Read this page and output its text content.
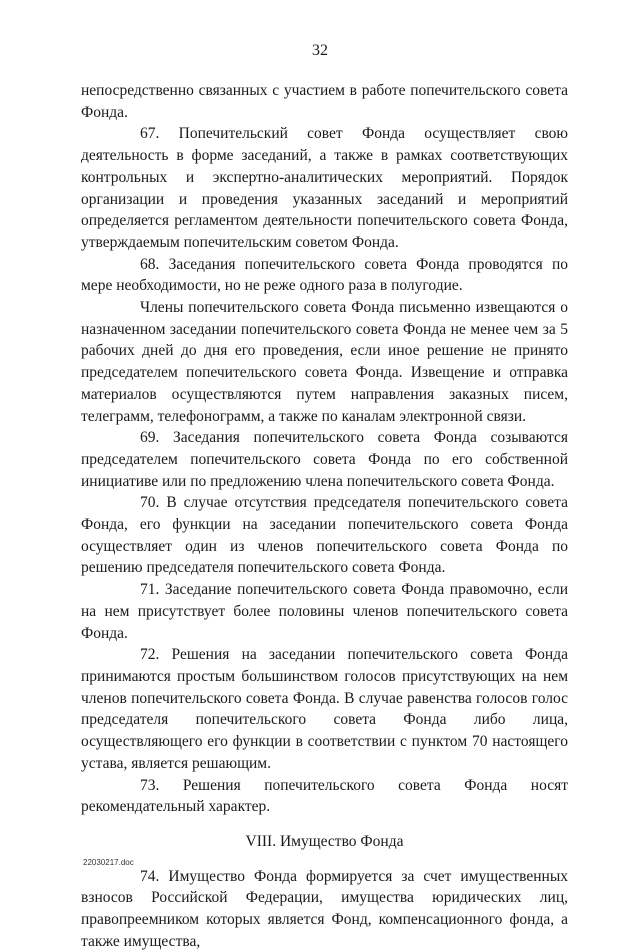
32

непосредственно связанных с участием в работе попечительского совета Фонда.

67. Попечительский совет Фонда осуществляет свою деятельность в форме заседаний, а также в рамках соответствующих контрольных и экспертно-аналитических мероприятий. Порядок организации и проведения указанных заседаний и мероприятий определяется регламентом деятельности попечительского совета Фонда, утверждаемым попечительским советом Фонда.

68. Заседания попечительского совета Фонда проводятся по мере необходимости, но не реже одного раза в полугодие.

Члены попечительского совета Фонда письменно извещаются о назначенном заседании попечительского совета Фонда не менее чем за 5 рабочих дней до дня его проведения, если иное решение не принято председателем попечительского совета Фонда. Извещение и отправка материалов осуществляются путем направления заказных писем, телеграмм, телефонограмм, а также по каналам электронной связи.

69. Заседания попечительского совета Фонда созываются председателем попечительского совета Фонда по его собственной инициативе или по предложению члена попечительского совета Фонда.

70. В случае отсутствия председателя попечительского совета Фонда, его функции на заседании попечительского совета Фонда осуществляет один из членов попечительского совета Фонда по решению председателя попечительского совета Фонда.

71. Заседание попечительского совета Фонда правомочно, если на нем присутствует более половины членов попечительского совета Фонда.

72. Решения на заседании попечительского совета Фонда принимаются простым большинством голосов присутствующих на нем членов попечительского совета Фонда. В случае равенства голосов голос председателя попечительского совета Фонда либо лица, осуществляющего его функции в соответствии с пунктом 70 настоящего устава, является решающим.

73. Решения попечительского совета Фонда носят рекомендательный характер.

VIII. Имущество Фонда

74. Имущество Фонда формируется за счет имущественных взносов Российской Федерации, имущества юридических лиц, правопреемником которых является Фонд, компенсационного фонда, а также имущества,

22030217.doc
